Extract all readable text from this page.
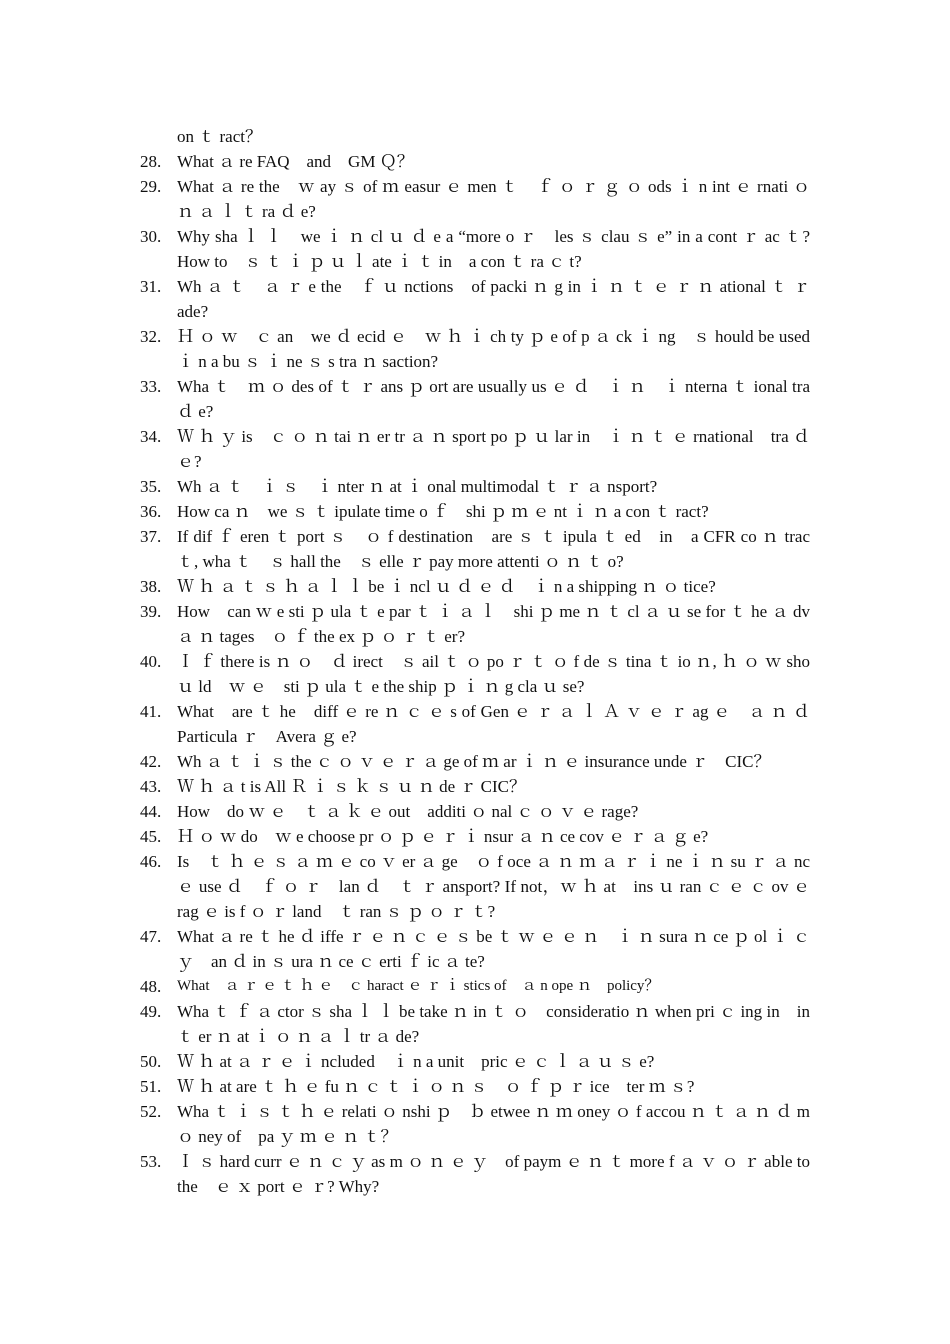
on ｔ ract？
28. What ａ re FAQ　and　GM Ｑ？
29. What ａ re the　ｗ ay ｓ of ｍ easur ｅ men ｔ　ｆ ｏ ｒ ｇ ｏ ods ｉ n int ｅ rnati ｏ ｎ ａ ｌ ｔ ra ｄ e?
30. Why sha ｌ ｌ　we ｉ ｎ cl ｕ ｄ e a “more o ｒ　les ｓ clau ｓ e” in a cont ｒ ac ｔ? How to　ｓ ｔ ｉ ｐ ｕ ｌ ate ｉ ｔ in　a con ｔ ra ｃ t?
31. Wh ａ ｔ　ａ ｒ e the　ｆ ｕ nctions　of packi ｎ g in ｉ ｎ ｔ ｅ ｒ ｎ ational ｔ ｒ ade?
32. Ｈ ｏ ｗ　ｃ an　we ｄ ecid ｅ　ｗ ｈ ｉ ch ty ｐ e of p ａ ck ｉ ng　ｓ hould be used　ｉ n a bu ｓ ｉ ne ｓ s tra ｎ saction?
33. Wha ｔ　ｍ ｏ des of ｔ ｒ ans ｐ ort are usually us ｅ ｄ　ｉ ｎ　ｉ nterna ｔ ional tra ｄ e?
34. Ｗ ｈ ｙ is　ｃ ｏ ｎ tai ｎ er tr ａ ｎ sport po ｐ ｕ lar in　ｉ ｎ ｔ ｅ rnational　tra ｄ ｅ?
35. Wh ａ ｔ　ｉ ｓ　ｉ nter ｎ at ｉ onal multimodal ｔ ｒ ａ nsport?
36. How ca ｎ　we ｓ ｔ ipulate time o ｆ　shi ｐ ｍ ｅ nt ｉ ｎ a con ｔ ract?
37. If dif ｆ eren ｔ port ｓ　ｏ f destination　are ｓ ｔ ipula ｔ ed　in　a CFR co ｎ trac ｔ, wha ｔ　ｓ hall the　ｓ elle ｒ pay more attenti ｏ ｎ ｔ o?
38. Ｗ ｈ ａ ｔ ｓ ｈ ａ ｌ ｌ be ｉ ncl ｕ ｄ ｅ ｄ　ｉ n a shipping ｎ ｏ tice?
39. How　can ｗ e sti ｐ ula ｔ e par ｔ ｉ ａ ｌ　shi ｐ me ｎ ｔ cl ａ ｕ se for ｔ he ａ dv ａ ｎ tages　ｏ ｆ the ex ｐ ｏ ｒ ｔ er?
40. Ｉ ｆ there is ｎ ｏ　ｄ irect　ｓ ail ｔ ｏ po ｒ ｔ ｏ f de ｓ tina ｔ io ｎ, ｈ ｏ ｗ sho ｕ ld　ｗ ｅ　sti ｐ ula ｔ e the ship ｐ ｉ ｎ g cla ｕ se?
41. What　are ｔ he　diff ｅ re ｎ ｃ ｅ s of Gen ｅ ｒ ａ ｌ Ａ ｖ ｅ ｒ ag ｅ　ａ ｎ ｄ Particula ｒ　Avera ｇ e?
42. Wh ａ ｔ ｉ ｓ the ｃ ｏ ｖ ｅ ｒ ａ ge of ｍ ar ｉ ｎ ｅ insurance unde ｒ　CIC？
43. Ｗ ｈ ａ t is All Ｒ ｉ ｓ ｋ ｓ ｕ ｎ de ｒ CIC？
44. How　do ｗ ｅ　ｔ ａ ｋ ｅ out　additi ｏ nal ｃ ｏ ｖ ｅ rage?
45. Ｈ ｏ ｗ do　ｗ e choose pr ｏ ｐ ｅ ｒ ｉ nsur ａ ｎ ce cov ｅ ｒ ａ ｇ e?
46. Is　ｔ ｈ ｅ ｓ ａ ｍ ｅ co ｖ er ａ ge　ｏ f oce ａ ｎ ｍ ａ ｒ ｉ ne ｉ ｎ su ｒ ａ nc ｅ use ｄ　ｆ ｏ ｒ　lan ｄ　ｔ ｒ ansport? If not，ｗ ｈ at　ins ｕ ran ｃ ｅ ｃ ov ｅ rag ｅ is f ｏ ｒ land　ｔ ran ｓ ｐ ｏ ｒ ｔ?
47. What ａ re ｔ he ｄ iffe ｒ ｅ ｎ ｃ ｅ ｓ be ｔ ｗ ｅ ｅ ｎ　ｉ ｎ sura ｎ ce ｐ ol ｉ ｃ ｙ　an ｄ in ｓ ura ｎ ce ｃ erti ｆ ic ａ te?
48.	What　ａ ｒ ｅ ｔ ｈ ｅ　ｃ haract ｅ ｒ ｉ stics of　ａ n ope ｎ　policy？
49. Wha ｔ ｆ ａ ctor ｓ sha ｌ ｌ be take ｎ in ｔ ｏ　consideratio ｎ when pri ｃ ing in　in ｔ er ｎ at ｉ ｏ ｎ ａ ｌ tr ａ de?
50. Ｗ ｈ at ａ ｒ ｅ ｉ ncluded　ｉ n a unit　pric ｅ ｃ ｌ ａ ｕ ｓ e?
51. Ｗ ｈ at are ｔ ｈ ｅ fu ｎ ｃ ｔ ｉ ｏ ｎ ｓ　ｏ ｆ ｐ ｒ ice　ter ｍ ｓ?
52. Wha ｔ ｉ ｓ ｔ ｈ ｅ relati ｏ nshi ｐ　ｂ etwee ｎ ｍ oney ｏ f accou ｎ ｔ ａ ｎ ｄ m ｏ ney of　pa ｙ ｍ ｅ ｎ ｔ？
53. Ｉ ｓ hard curr ｅ ｎ ｃ ｙ as m ｏ ｎ ｅ ｙ　of paym ｅ ｎ ｔ more f ａ ｖ ｏ ｒ able to the　ｅ ｘ port ｅ ｒ? Why?
